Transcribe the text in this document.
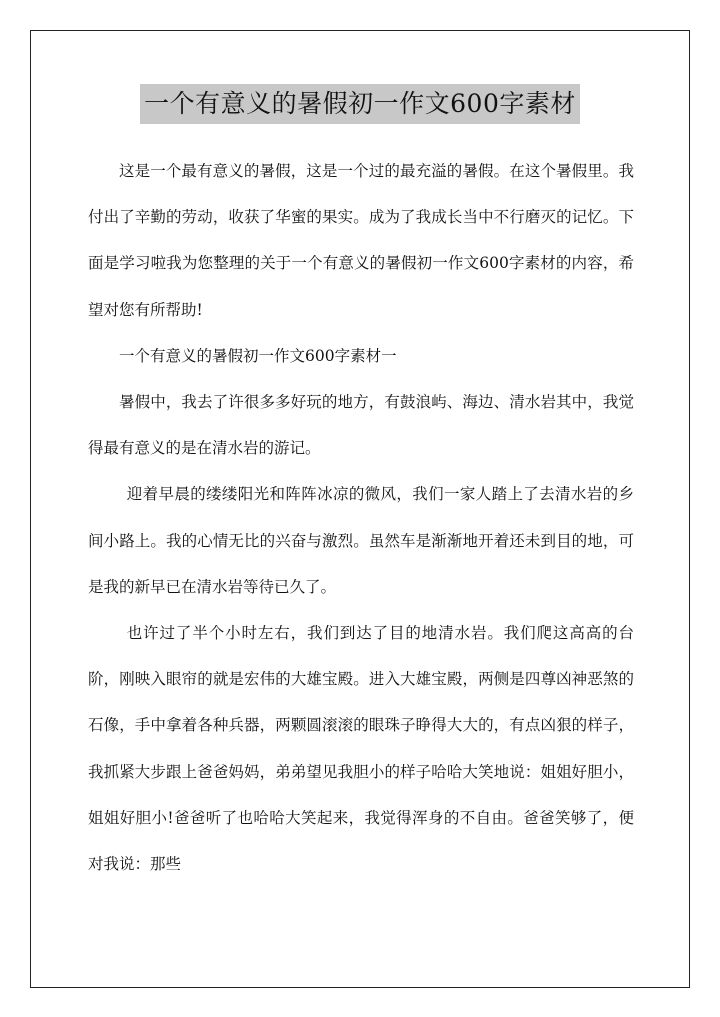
一个有意义的暑假初一作文600字素材

这是一个最有意义的暑假，这是一个过的最充溢的暑假。在这个暑假里。我付出了辛勤的劳动，收获了华蜜的果实。成为了我成长当中不行磨灭的记忆。下面是学习啦我为您整理的关于一个有意义的暑假初一作文600字素材的内容，希望对您有所帮助!

一个有意义的暑假初一作文600字素材一

暑假中，我去了许很多多好玩的地方，有鼓浪屿、海边、清水岩其中，我觉得最有意义的是在清水岩的游记。

迎着早晨的缕缕阳光和阵阵冰凉的微风，我们一家人踏上了去清水岩的乡间小路上。我的心情无比的兴奋与激烈。虽然车是渐渐地开着还未到目的地，可是我的新早已在清水岩等待已久了。

也许过了半个小时左右，我们到达了目的地清水岩。我们爬这高高的台阶，刚映入眼帘的就是宏伟的大雄宝殿。进入大雄宝殿，两侧是四尊凶神恶煞的石像，手中拿着各种兵器，两颗圆滚滚的眼珠子睁得大大的，有点凶狠的样子，我抓紧大步跟上爸爸妈妈，弟弟望见我胆小的样子哈哈大笑地说：姐姐好胆小，姐姐好胆小!爸爸听了也哈哈大笑起来，我觉得浑身的不自由。爸爸笑够了，便对我说：那些
